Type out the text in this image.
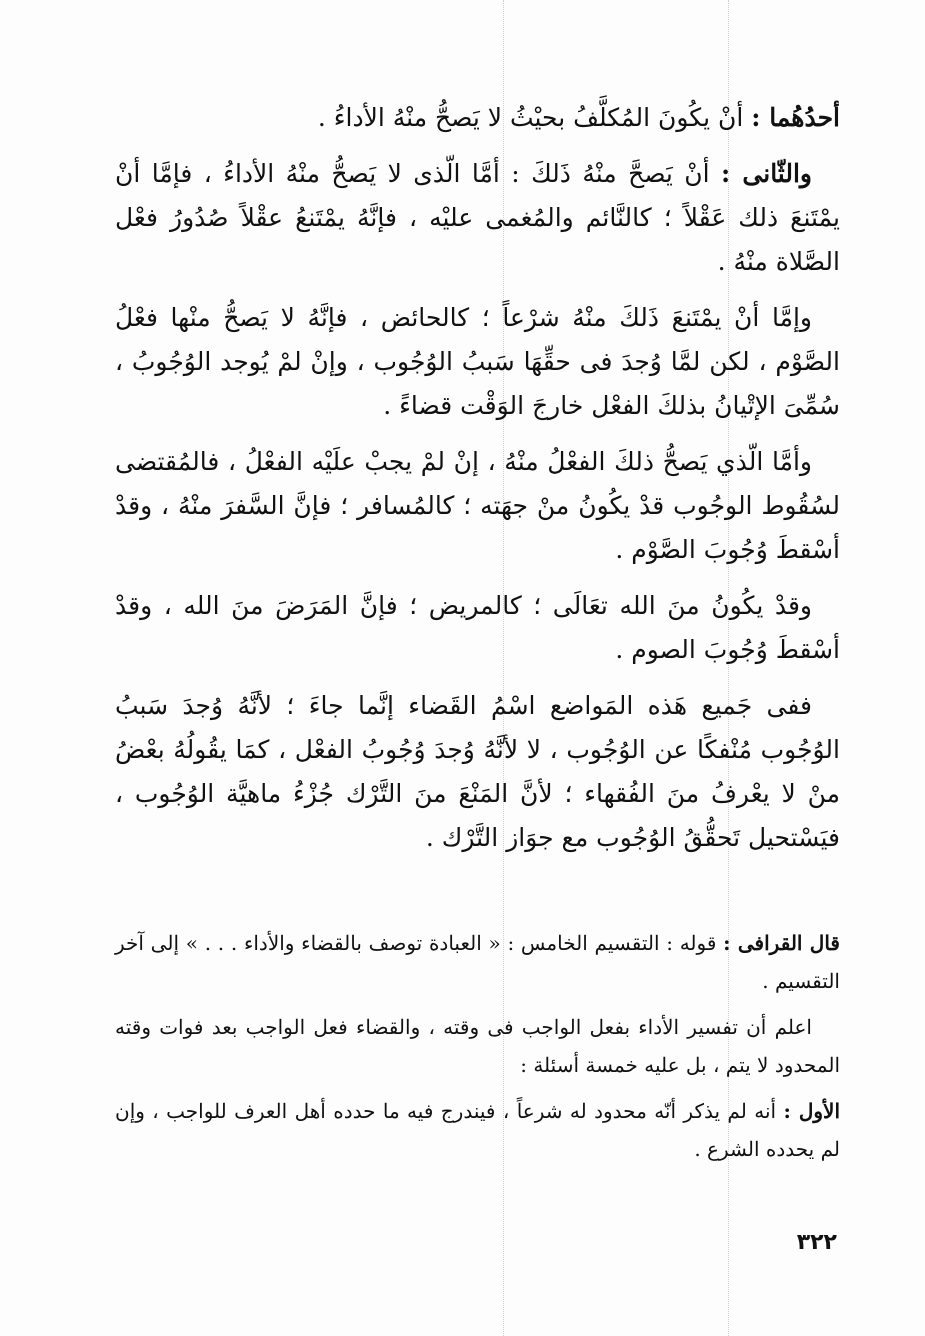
أحدُهُما : أنْ يكُونَ المُكلَّفُ بحيْثُ لا يَصحُّ منْهُ الأداءُ .

والثّانى : أنْ يَصحَّ منْهُ ذَلكَ : أمَّا الّذى لا يَصحُّ منْهُ الأداءُ ، فإمَّا أنْ يمْتَنعَ ذلك عَقْلاً ؛ كالنَّائم والمُغمى عليْه ، فإنَّهُ يمْتَنعُ عقْلاً صُدُورُ فعْل الصَّلاة منْهُ .

وإمَّا أنْ يمْتَنعَ ذَلكَ منْهُ شرْعاً ؛ كالحائض ، فإنَّهُ لا يَصحُّ منْها فعْلُ الصَّوْم ، لكن لمَّا وُجدَ فى حقِّهَا سَببُ الوُجُوب ، وإنْ لمْ يُوجد الوُجُوبُ ، سُمِّىَ الإتْيانُ بذلكَ الفعْل خارجَ الوَقْت قضاءً .

وأمَّا الّذي يَصحُّ ذلكَ الفعْلُ منْهُ ، إنْ لمْ يجبْ علَيْه الفعْلُ ، فالمُقتضى لسُقُوط الوجُوب قدْ يكُونُ منْ جهَته ؛ كالمُسافر ؛ فإنَّ السَّفرَ منْهُ ، وقدْ أسْقطَ وُجُوبَ الصَّوْم .

وقدْ يكُونُ منَ الله تعَالَى ؛ كالمريض ؛ فإنَّ المَرَضَ منَ الله ، وقدْ أسْقطَ وُجُوبَ الصوم .

ففى جَميع هَذه المَواضع اسْمُ القَضاء إنَّما جاءَ ؛ لأنَّهُ وُجدَ سَببُ الوُجُوب مُنْفكًا عن الوُجُوب ، لا لأنَّهُ وُجدَ وُجُوبُ الفعْل ، كمَا يقُولُهُ بعْضُ منْ لا يعْرفُ منَ الفُقهاء ؛ لأنَّ المَنْعَ منَ التَّرْك جُزْءُ ماهيَّة الوُجُوب ، فيَسْتحيل تَحقُّقُ الوُجُوب مع جوَاز التَّرْك .

قال القرافى : قوله : التقسيم الخامس : « العبادة توصف بالقضاء والأداء . . . » إلى آخر التقسيم .

اعلم أن تفسير الأداء بفعل الواجب فى وقته ، والقضاء فعل الواجب بعد فوات وقته المحدود لا يتم ، بل عليه خمسة أسئلة :

الأول : أنه لم يذكر أنّه محدود له شرعاً ، فيندرج فيه ما حدده أهل العرف للواجب ، وإن لم يحدده الشرع .

٣٢٢
